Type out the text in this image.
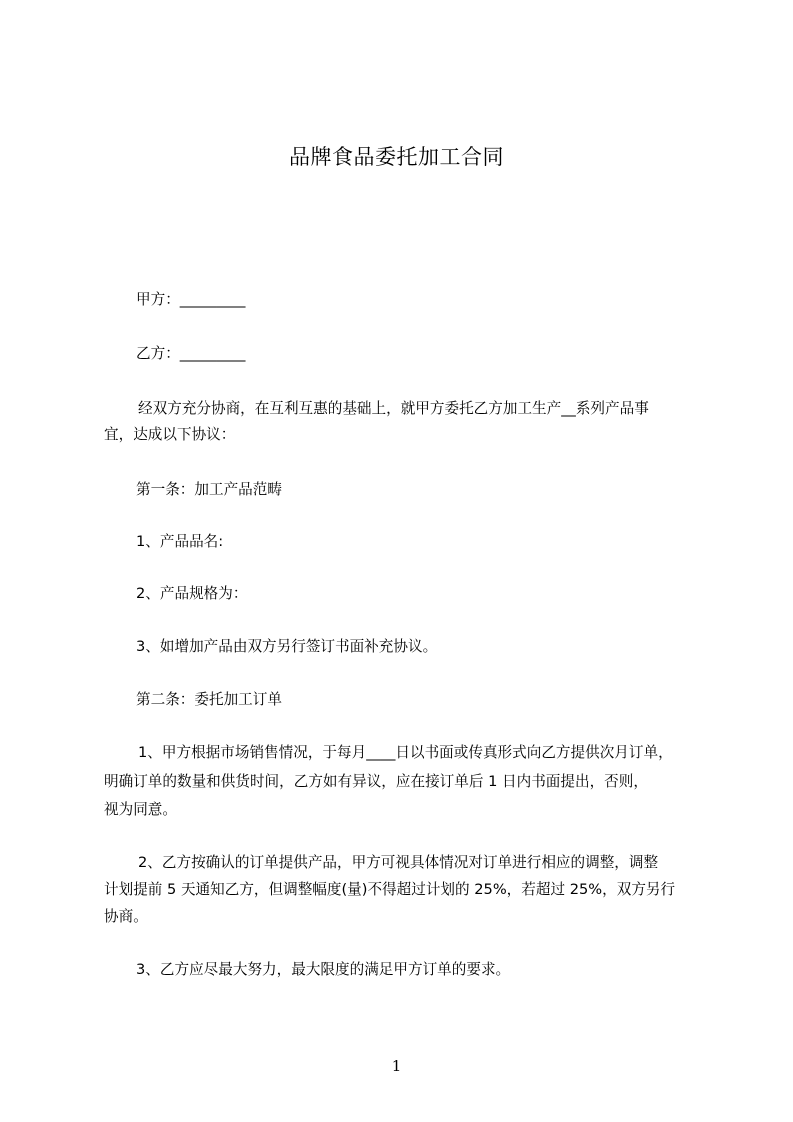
品牌食品委托加工合同
甲方：_________
乙方：_________
经双方充分协商，在互利互惠的基础上，就甲方委托乙方加工生产__系列产品事
宜，达成以下协议：
第一条：加工产品范畴
1、产品品名:
2、产品规格为：
3、如增加产品由双方另行签订书面补充协议。
第二条：委托加工订单
1、甲方根据市场销售情况，于每月____日以书面或传真形式向乙方提供次月订单，
明确订单的数量和供货时间，乙方如有异议，应在接订单后 1 日内书面提出，否则，
视为同意。
2、乙方按确认的订单提供产品，甲方可视具体情况对订单进行相应的调整，调整
计划提前 5 天通知乙方，但调整幅度(量)不得超过计划的 25%，若超过 25%，双方另行
协商。
3、乙方应尽最大努力，最大限度的满足甲方订单的要求。
1
